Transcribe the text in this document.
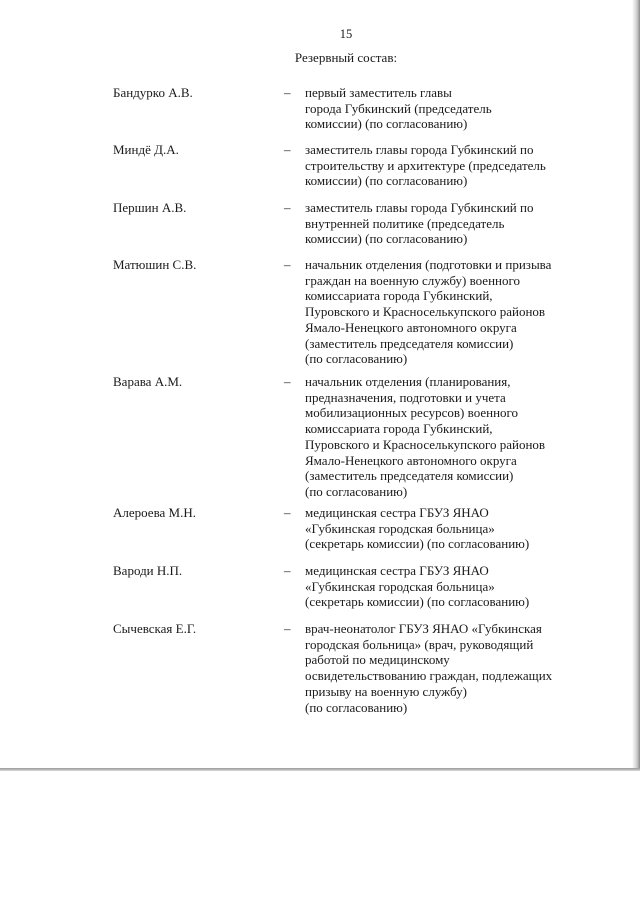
15
Резервный состав:
Бандурко А.В.	– первый заместитель главы
города Губкинский (председатель
комиссии) (по согласованию)
Миндё Д.А.	– заместитель главы города Губкинский по
строительству и архитектуре (председатель
комиссии) (по согласованию)
Першин А.В.	– заместитель главы города Губкинский по
внутренней политике (председатель
комиссии) (по согласованию)
Матюшин С.В.	– начальник отделения (подготовки и призыва
граждан на военную службу) военного
комиссариата города Губкинский,
Пуровского и Красноселькупского районов
Ямало-Ненецкого автономного округа
(заместитель председателя комиссии)
(по согласованию)
Варава А.М.	– начальник отделения (планирования,
предназначения, подготовки и учета
мобилизационных ресурсов) военного
комиссариата города Губкинский,
Пуровского и Красноселькупского районов
Ямало-Ненецкого автономного округа
(заместитель председателя комиссии)
(по согласованию)
Алероева М.Н.	– медицинская сестра ГБУЗ ЯНАО
«Губкинская городская больница»
(секретарь комиссии) (по согласованию)
Вароди Н.П.	– медицинская сестра ГБУЗ ЯНАО
«Губкинская городская больница»
(секретарь комиссии) (по согласованию)
Сычевская Е.Г.	– врач-неонатолог ГБУЗ ЯНАО «Губкинская
городская больница» (врач, руководящий
работой по медицинскому
освидетельствованию граждан, подлежащих
призыву на военную службу)
(по согласованию)
